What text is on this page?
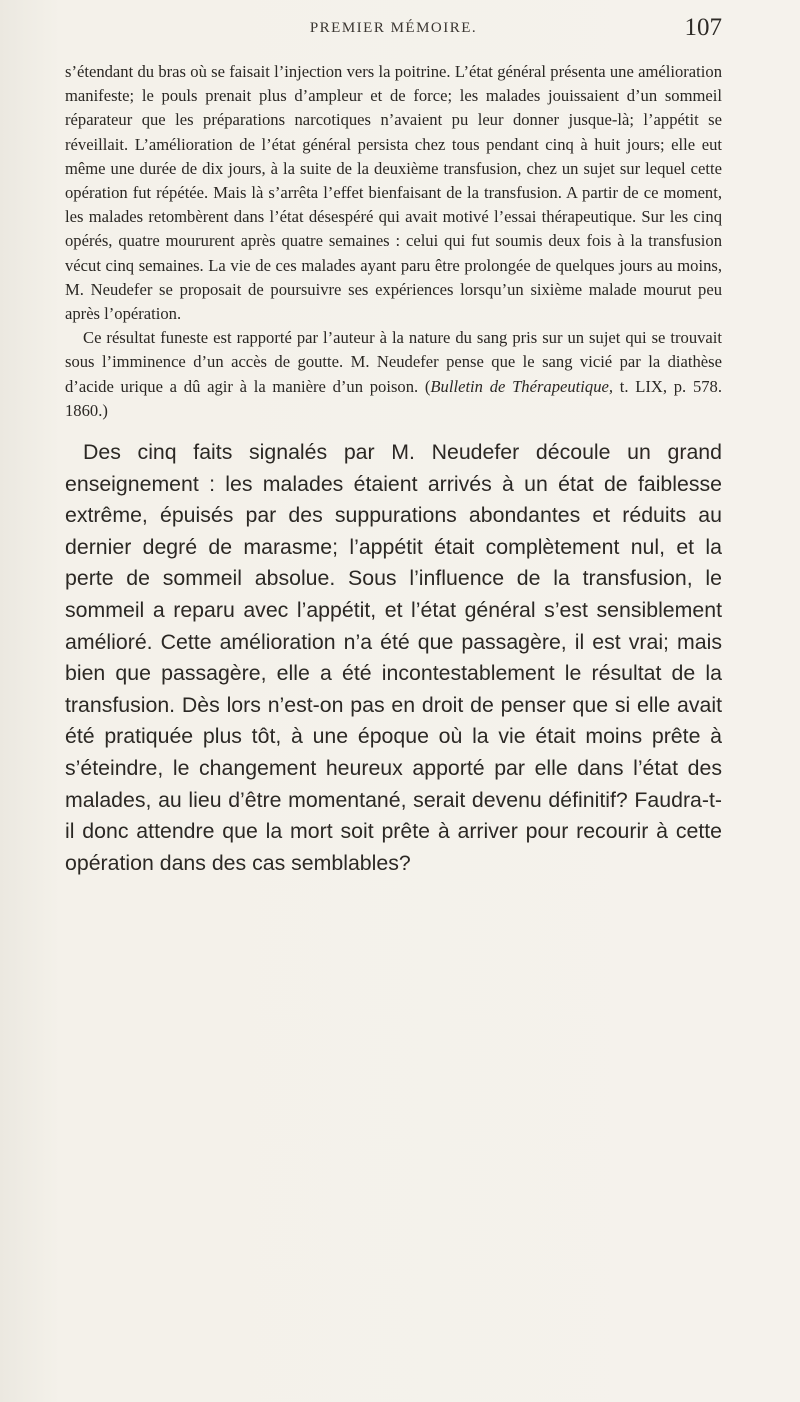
PREMIER MÉMOIRE.	107

s’étendant du bras où se faisait l’injection vers la poitrine. L’état général présenta une amélioration manifeste; le pouls prenait plus d’ampleur et de force; les malades jouissaient d’un sommeil réparateur que les préparations narcotiques n’avaient pu leur donner jusque-là; l’appétit se réveillait. L’amélioration de l’état général persista chez tous pendant cinq à huit jours; elle eut même une durée de dix jours, à la suite de la deuxième transfusion, chez un sujet sur lequel cette opération fut répétée. Mais là s’arrêta l’effet bienfaisant de la transfusion. A partir de ce moment, les malades retombèrent dans l’état désespéré qui avait motivé l’essai thérapeutique. Sur les cinq opérés, quatre moururent après quatre semaines : celui qui fut soumis deux fois à la transfusion vécut cinq semaines. La vie de ces malades ayant paru être prolongée de quelques jours au moins, M. Neudefer se proposait de poursuivre ses expériences lorsqu’un sixième malade mourut peu après l’opération.

Ce résultat funeste est rapporté par l’auteur à la nature du sang pris sur un sujet qui se trouvait sous l’imminence d’un accès de goutte. M. Neudefer pense que le sang vicié par la diathèse d’acide urique a dû agir à la manière d’un poison. (Bulletin de Thérapeutique, t. LIX, p. 578. 1860.)

Des cinq faits signalés par M. Neudefer découle un grand enseignement : les malades étaient arrivés à un état de faiblesse extrême, épuisés par des suppurations abondantes et réduits au dernier degré de marasme; l’appétit était complètement nul, et la perte de sommeil absolue. Sous l’influence de la transfusion, le sommeil a reparu avec l’appétit, et l’état général s’est sensiblement amélioré. Cette amélioration n’a été que passagère, il est vrai; mais bien que passagère, elle a été incontestablement le résultat de la transfusion. Dès lors n’est-on pas en droit de penser que si elle avait été pratiquée plus tôt, à une époque où la vie était moins prête à s’éteindre, le changement heureux apporté par elle dans l’état des malades, au lieu d’être momentané, serait devenu définitif? Faudra-t-il donc attendre que la mort soit prête à arriver pour recourir à cette opération dans des cas semblables?
